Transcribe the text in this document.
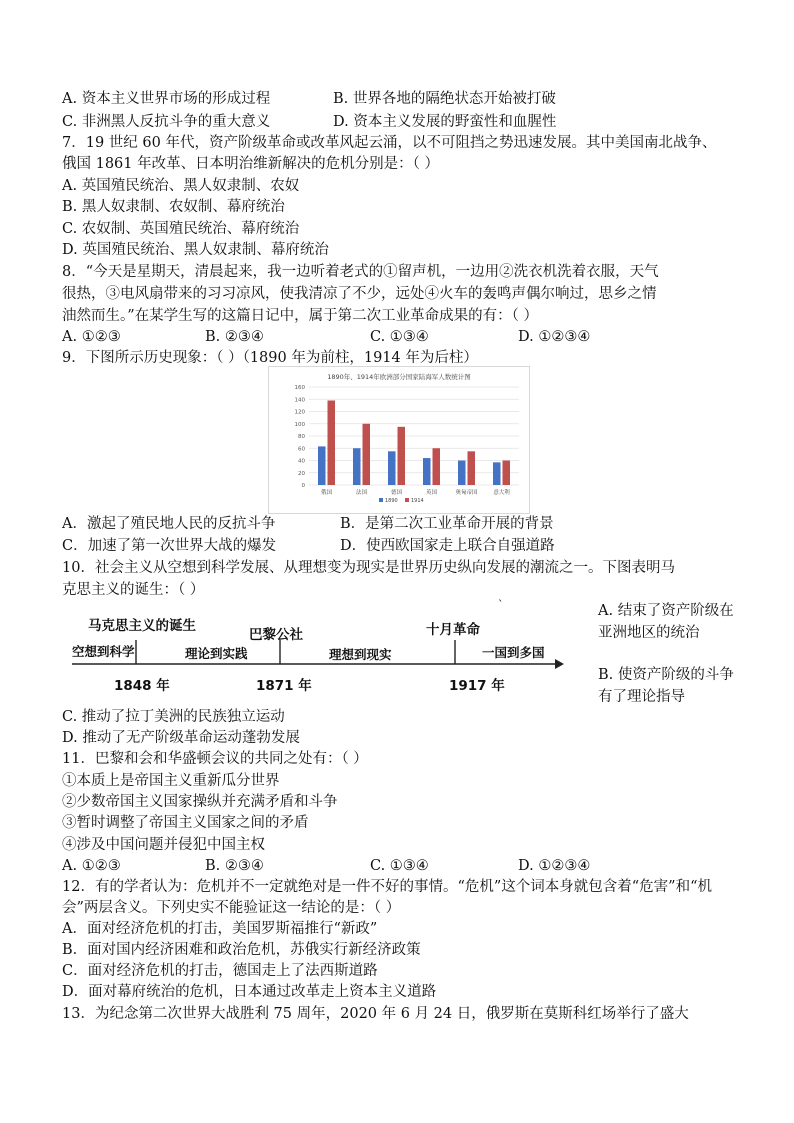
A. 资本主义世界市场的形成过程	B. 世界各地的隔绝状态开始被打破
C. 非洲黑人反抗斗争的重大意义	D. 资本主义发展的野蛮性和血腥性
7．19 世纪 60 年代，资产阶级革命或改革风起云涌，以不可阻挡之势迅速发展。其中美国南北战争、
俄国 1861 年改革、日本明治维新解决的危机分别是：（ ）
A. 英国殖民统治、黑人奴隶制、农奴
B. 黑人奴隶制、农奴制、幕府统治
C. 农奴制、英国殖民统治、幕府统治
D. 英国殖民统治、黑人奴隶制、幕府统治
8．“今天是星期天，清晨起来，我一边听着老式的①留声机，一边用②洗衣机洗着衣服，天气
很热，③电风扇带来的习习凉风，使我清凉了不少，远处④火车的轰鸣声偶尔响过，思乡之情
油然而生。”在某学生写的这篇日记中，属于第二次工业革命成果的有：（ ）
A. ①②③	B. ②③④	C. ①③④	D. ①②③④
9．下图所示历史现象：（ ）（1890 年为前柱，1914 年为后柱）
1890年、1914年欧洲部分国家陆海军人数统计图
0
20
40
60
80
100
120
140
160
俄国	法国	德国	英国	奥匈帝国	意大利
1890	1914
A．激起了殖民地人民的反抗斗争	B．是第二次工业革命开展的背景
C．加速了第一次世界大战的爆发	D．使西欧国家走上联合自强道路
10．社会主义从空想到科学发展、从理想变为现实是世界历史纵向发展的潮流之一。下图表明马
克思主义的诞生：（ ）
`
马克思主义的诞生
巴黎公社	十月革命
空想到科学	理论到实践	理想到现实	一国到多国
1848 年	1871 年	1917 年
A. 结束了资产阶级在亚洲地区的统治
B. 使资产阶级的斗争有了理论指导
C. 推动了拉丁美洲的民族独立运动
D. 推动了无产阶级革命运动蓬勃发展
11．巴黎和会和华盛顿会议的共同之处有：（ ）
①本质上是帝国主义重新瓜分世界
②少数帝国主义国家操纵并充满矛盾和斗争
③暂时调整了帝国主义国家之间的矛盾
④涉及中国问题并侵犯中国主权
A. ①②③	B. ②③④	C. ①③④	D. ①②③④
12．有的学者认为：危机并不一定就绝对是一件不好的事情。“危机”这个词本身就包含着“危害”和“机
会”两层含义。下列史实不能验证这一结论的是：（ ）
A．面对经济危机的打击，美国罗斯福推行“新政”
B．面对国内经济困难和政治危机，苏俄实行新经济政策
C．面对经济危机的打击，德国走上了法西斯道路
D．面对幕府统治的危机，日本通过改革走上资本主义道路
13．为纪念第二次世界大战胜利 75 周年，2020 年 6 月 24 日，俄罗斯在莫斯科红场举行了盛大
